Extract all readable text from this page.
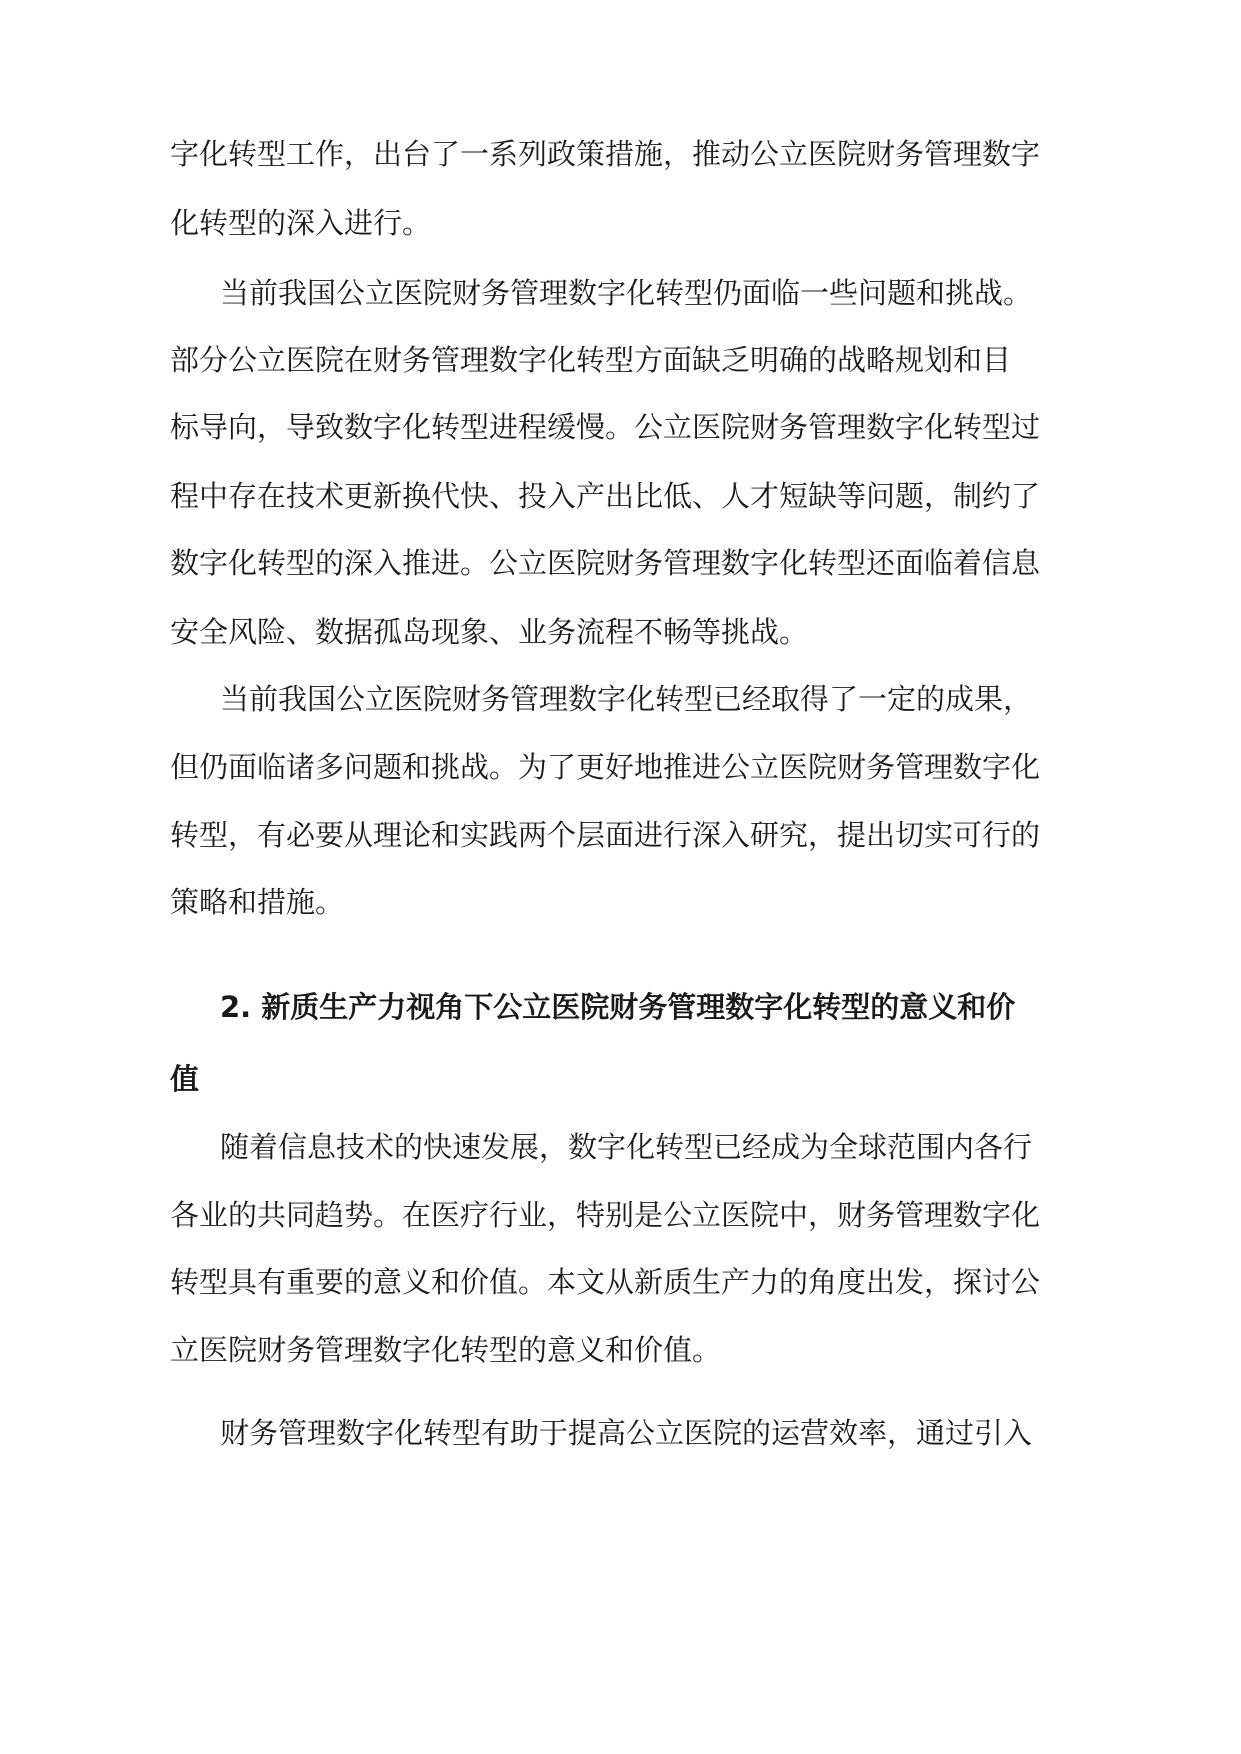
字化转型工作，出台了一系列政策措施，推动公立医院财务管理数字
化转型的深入进行。
当前我国公立医院财务管理数字化转型仍面临一些问题和挑战。
部分公立医院在财务管理数字化转型方面缺乏明确的战略规划和目
标导向，导致数字化转型进程缓慢。公立医院财务管理数字化转型过
程中存在技术更新换代快、投入产出比低、人才短缺等问题，制约了
数字化转型的深入推进。公立医院财务管理数字化转型还面临着信息
安全风险、数据孤岛现象、业务流程不畅等挑战。
当前我国公立医院财务管理数字化转型已经取得了一定的成果，
但仍面临诸多问题和挑战。为了更好地推进公立医院财务管理数字化
转型，有必要从理论和实践两个层面进行深入研究，提出切实可行的
策略和措施。
2. 新质生产力视角下公立医院财务管理数字化转型的意义和价
值
随着信息技术的快速发展，数字化转型已经成为全球范围内各行
各业的共同趋势。在医疗行业，特别是公立医院中，财务管理数字化
转型具有重要的意义和价值。本文从新质生产力的角度出发，探讨公
立医院财务管理数字化转型的意义和价值。
财务管理数字化转型有助于提高公立医院的运营效率，通过引入
